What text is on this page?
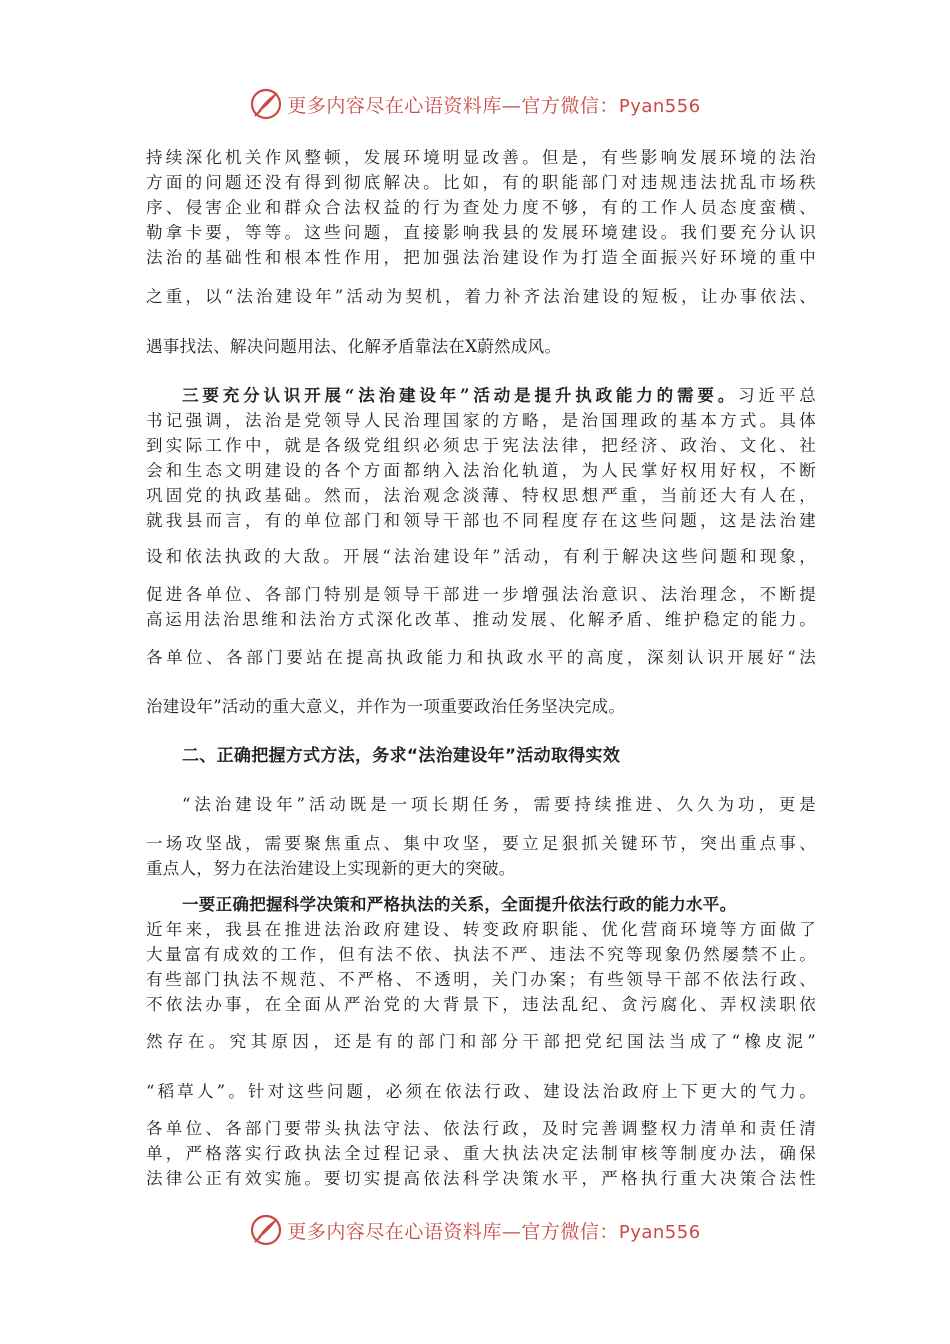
更多内容尽在心语资料库—官方微信：Pyan556
持续深化机关作风整顿，发展环境明显改善。但是，有些影响发展环境的法治
方面的问题还没有得到彻底解决。比如，有的职能部门对违规违法扰乱市场秩
序、侵害企业和群众合法权益的行为查处力度不够，有的工作人员态度蛮横、
勒拿卡要，等等。这些问题，直接影响我县的发展环境建设。我们要充分认识
法治的基础性和根本性作用，把加强法治建设作为打造全面振兴好环境的重中
之重，以“法治建设年”活动为契机，着力补齐法治建设的短板，让办事依法、
遇事找法、解决问题用法、化解矛盾靠法在X蔚然成风。
三要充分认识开展“法治建设年”活动是提升执政能力的需要。习近平总
书记强调，法治是党领导人民治理国家的方略，是治国理政的基本方式。具体
到实际工作中，就是各级党组织必须忠于宪法法律，把经济、政治、文化、社
会和生态文明建设的各个方面都纳入法治化轨道，为人民掌好权用好权，不断
巩固党的执政基础。然而，法治观念淡薄、特权思想严重，当前还大有人在，
就我县而言，有的单位部门和领导干部也不同程度存在这些问题，这是法治建
设和依法执政的大敌。开展“法治建设年”活动，有利于解决这些问题和现象，
促进各单位、各部门特别是领导干部进一步增强法治意识、法治理念，不断提
高运用法治思维和法治方式深化改革、推动发展、化解矛盾、维护稳定的能力。
各单位、各部门要站在提高执政能力和执政水平的高度，深刻认识开展好“法
治建设年”活动的重大意义，并作为一项重要政治任务坚决完成。
二、正确把握方式方法，务求“法治建设年”活动取得实效
“法治建设年”活动既是一项长期任务，需要持续推进、久久为功，更是
一场攻坚战，需要聚焦重点、集中攻坚，要立足狠抓关键环节，突出重点事、
重点人，努力在法治建设上实现新的更大的突破。
一要正确把握科学决策和严格执法的关系，全面提升依法行政的能力水平。
近年来，我县在推进法治政府建设、转变政府职能、优化营商环境等方面做了
大量富有成效的工作，但有法不依、执法不严、违法不究等现象仍然屡禁不止。
有些部门执法不规范、不严格、不透明，关门办案；有些领导干部不依法行政、
不依法办事，在全面从严治党的大背景下，违法乱纪、贪污腐化、弄权渎职依
然存在。究其原因，还是有的部门和部分干部把党纪国法当成了“橡皮泥”
“稻草人”。针对这些问题，必须在依法行政、建设法治政府上下更大的气力。
各单位、各部门要带头执法守法、依法行政，及时完善调整权力清单和责任清
单，严格落实行政执法全过程记录、重大执法决定法制审核等制度办法，确保
法律公正有效实施。要切实提高依法科学决策水平，严格执行重大决策合法性
更多内容尽在心语资料库—官方微信：Pyan556
